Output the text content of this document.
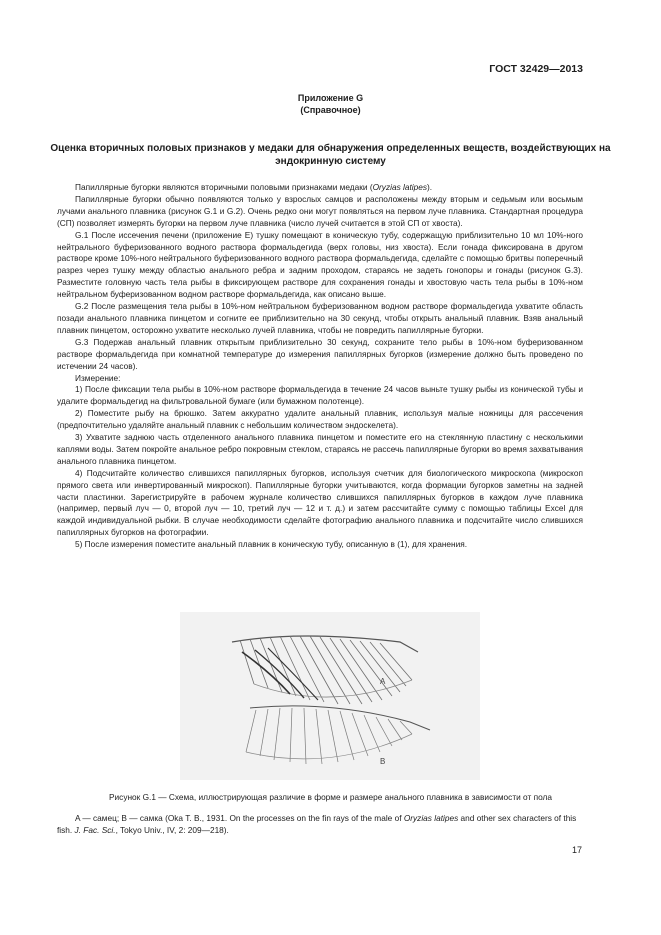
ГОСТ 32429—2013
Приложение G
(Справочное)
Оценка вторичных половых признаков у медаки для обнаружения определенных веществ, воздействующих на эндокринную систему

Папиллярные бугорки являются вторичными половыми признаками медаки (Oryzias latipes).

Папиллярные бугорки обычно появляются только у взрослых самцов и расположены между вторым и седьмым или восьмым лучами анального плавника (рисунок G.1 и G.2). Очень редко они могут появляться на первом луче плавника. Стандартная процедура (СП) позволяет измерять бугорки на первом луче плавника (число лучей считается в этой СП от хвоста).

G.1 После иссечения печени (приложение E) тушку помещают в коническую тубу, содержащую приблизительно 10 мл 10%-ного нейтрального буферизованного водного раствора формальдегида (верх головы, низ хвоста). Если гонада фиксирована в другом растворе кроме 10%-ного нейтрального буферизованного водного раствора формальдегида, сделайте с помощью бритвы поперечный разрез через тушку между областью анального ребра и задним проходом, стараясь не задеть гонопоры и гонады (рисунок G.3). Разместите головную часть тела рыбы в фиксирующем растворе для сохранения гонады и хвостовую часть тела рыбы в 10%-ном нейтральном буферизованном водном растворе формальдегида, как описано выше.

G.2 После размещения тела рыбы в 10%-ном нейтральном буферизованном водном растворе формальдегида ухватите область позади анального плавника пинцетом и согните ее приблизительно на 30 секунд, чтобы открыть анальный плавник. Взяв анальный плавник пинцетом, осторожно ухватите несколько лучей плавника, чтобы не повредить папиллярные бугорки.

G.3 Подержав анальный плавник открытым приблизительно 30 секунд, сохраните тело рыбы в 10%-ном буферизованном растворе формальдегида при комнатной температуре до измерения папиллярных бугорков (измерение должно быть проведено по истечении 24 часов).

Измерение:

1) После фиксации тела рыбы в 10%-ном растворе формальдегида в течение 24 часов выньте тушку рыбы из конической тубы и удалите формальдегид на фильтровальной бумаге (или бумажном полотенце).

2) Поместите рыбу на брюшко. Затем аккуратно удалите анальный плавник, используя малые ножницы для рассечения (предпочтительно удаляйте анальный плавник с небольшим количеством эндоскелета).

3) Ухватите заднюю часть отделенного анального плавника пинцетом и поместите его на стеклянную пластину с несколькими каплями воды. Затем покройте анальное ребро покровным стеклом, стараясь не рассечь папиллярные бугорки во время захватывания анального плавника пинцетом.

4) Подсчитайте количество слившихся папиллярных бугорков, используя счетчик для биологического микроскопа (микроскоп прямого света или инвертированный микроскоп). Папиллярные бугорки учитываются, когда формации бугорков заметны на задней части пластинки. Зарегистрируйте в рабочем журнале количество слившихся папиллярных бугорков в каждом луче плавника (например, первый луч — 0, второй луч — 10, третий луч — 12 и т. д.) и затем рассчитайте сумму с помощью таблицы Excel для каждой индивидуальной рыбки. В случае необходимости сделайте фотографию анального плавника и подсчитайте число слившихся папиллярных бугорков на фотографии.

5) После измерения поместите анальный плавник в коническую тубу, описанную в (1), для хранения.

A
B
Рисунок G.1 — Схема, иллюстрирующая различие в форме и размере анального плавника в зависимости от пола

A — самец; B — самка (Oka T. B., 1931. On the processes on the fin rays of the male of Oryzias latipes and other sex characters of this fish. J. Fac. Sci., Tokyo Univ., IV, 2: 209—218).

17
